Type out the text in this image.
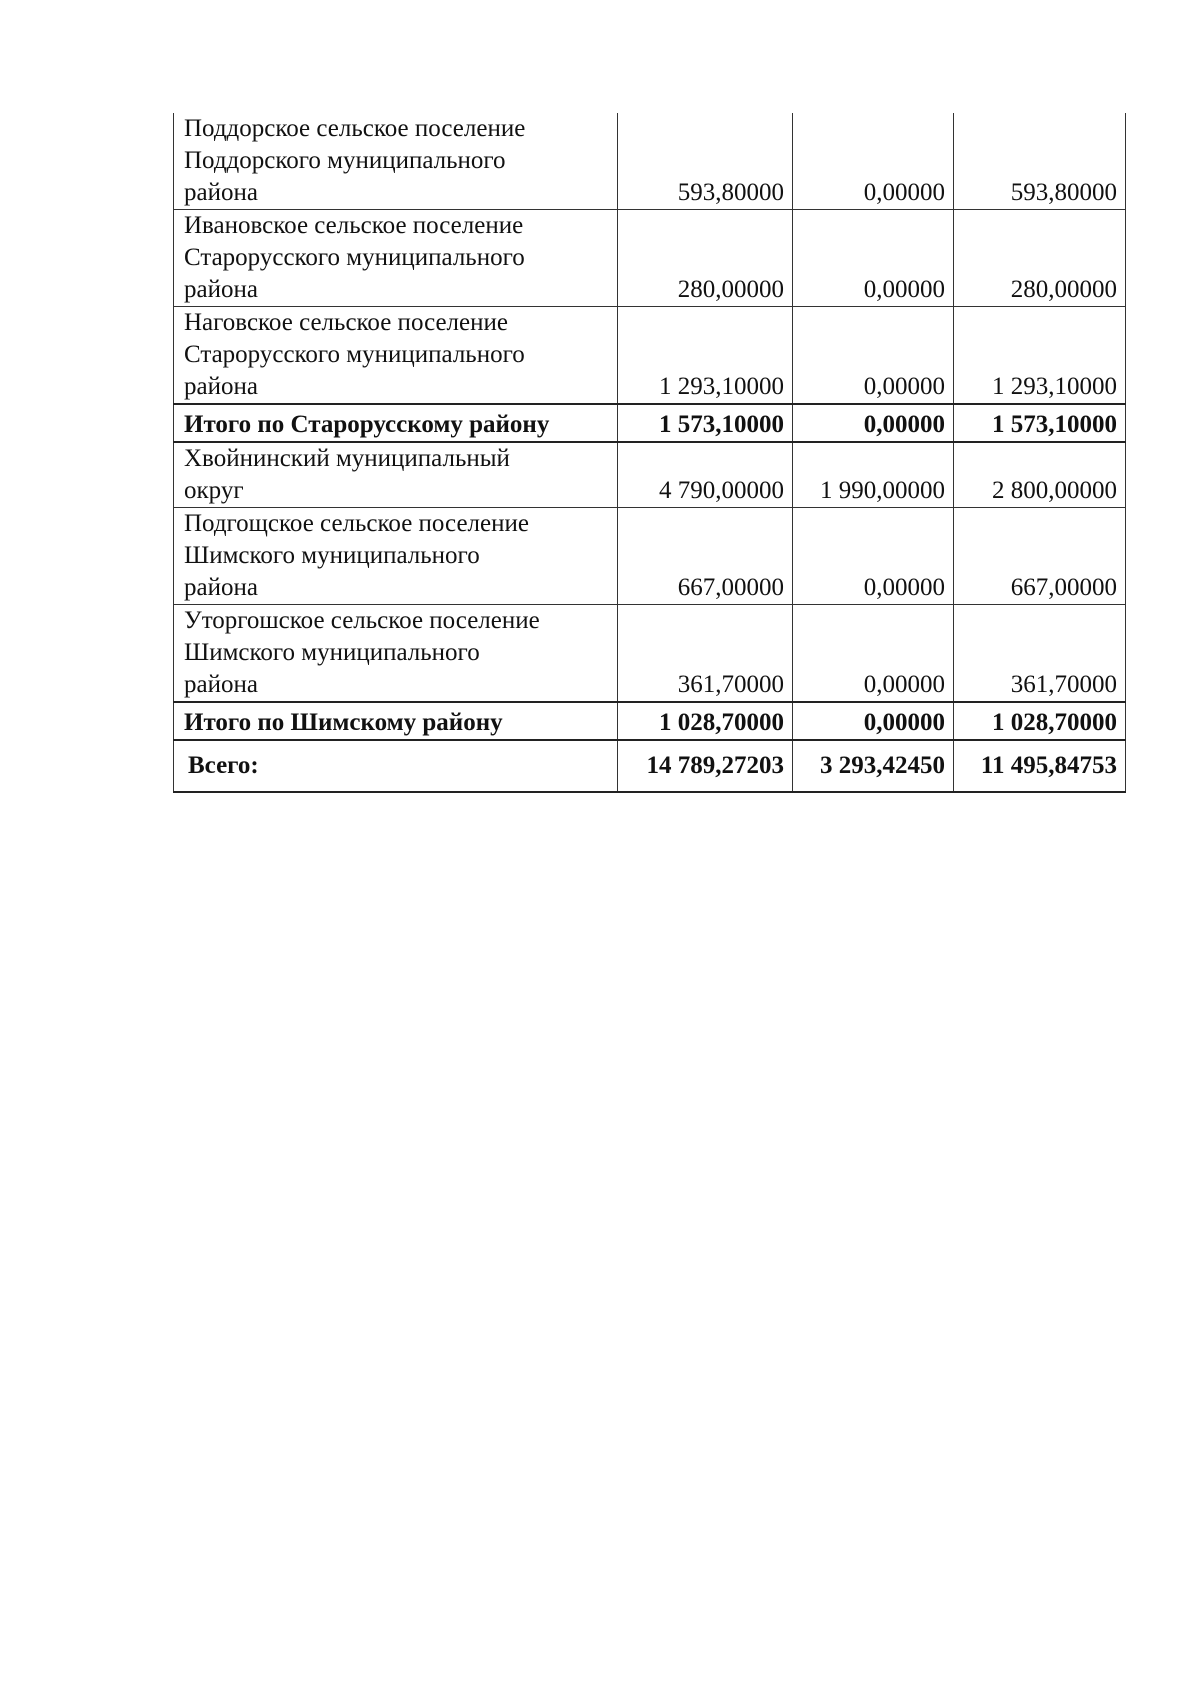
Поддорское сельское поселение
Поддорского муниципального
района	593,80000	0,00000	593,80000
Ивановское сельское поселение
Старорусского муниципального
района	280,00000	0,00000	280,00000
Наговское сельское поселение
Старорусского муниципального
района	1 293,10000	0,00000	1 293,10000
Итого по Старорусскому району	1 573,10000	0,00000	1 573,10000
Хвойнинский муниципальный
округ	4 790,00000	1 990,00000	2 800,00000
Подгощское сельское поселение
Шимского муниципального
района	667,00000	0,00000	667,00000
Уторгошское сельское поселение
Шимского муниципального
района	361,70000	0,00000	361,70000
Итого по Шимскому району	1 028,70000	0,00000	1 028,70000
Всего:	14 789,27203	3 293,42450	11 495,84753
